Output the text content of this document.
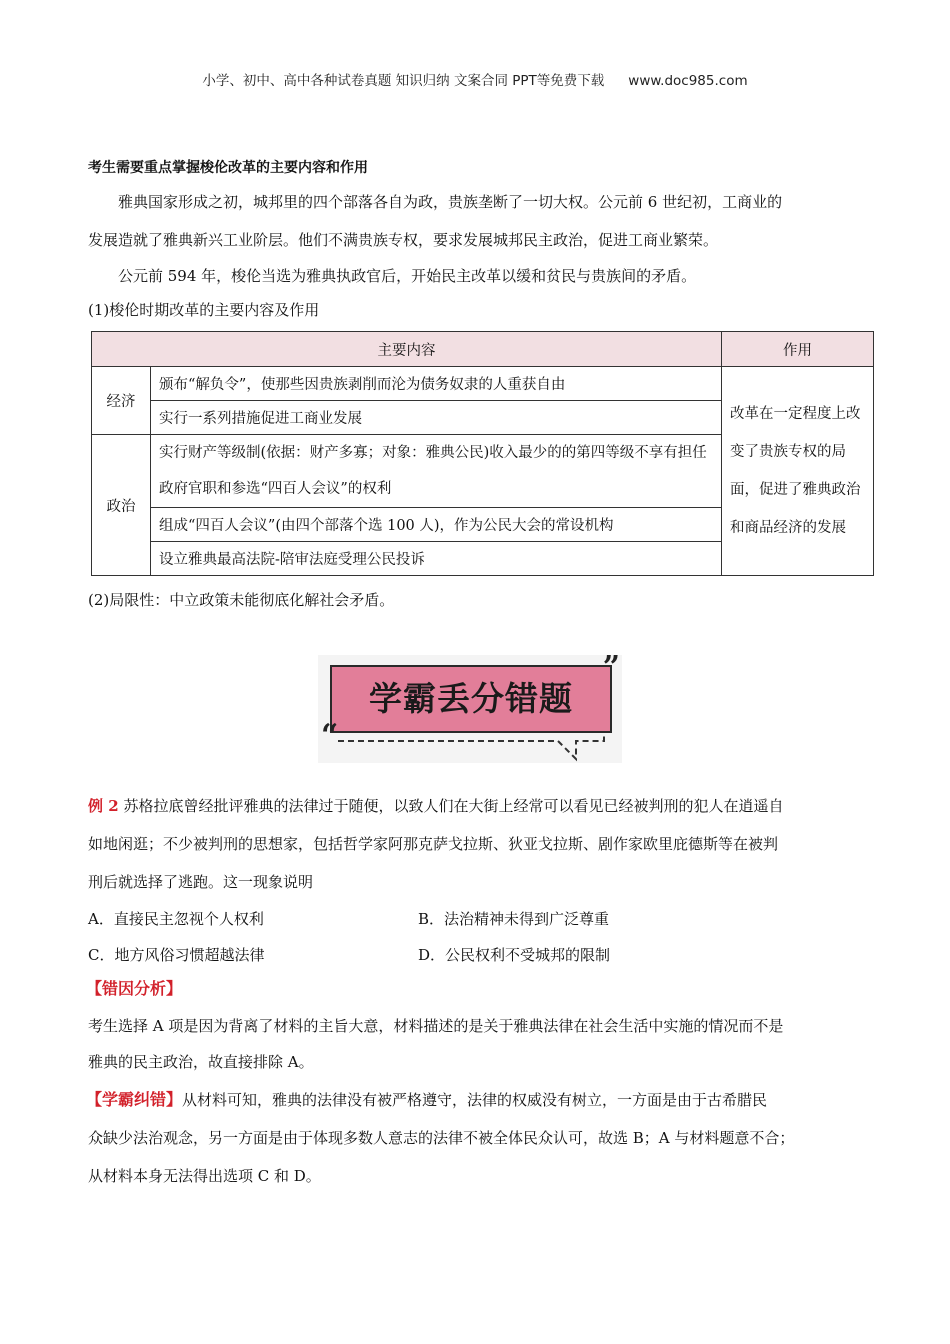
小学、初中、高中各种试卷真题 知识归纳 文案合同 PPT等免费下载 www.doc985.com
考生需要重点掌握梭伦改革的主要内容和作用
雅典国家形成之初，城邦里的四个部落各自为政，贵族垄断了一切大权。公元前 6 世纪初，工商业的
发展造就了雅典新兴工业阶层。他们不满贵族专权，要求发展城邦民主政治，促进工商业繁荣。
公元前 594 年，梭伦当选为雅典执政官后，开始民主改革以缓和贫民与贵族间的矛盾。
(1)梭伦时期改革的主要内容及作用
主要内容		作用
经济	颁布“解负令”，使那些因贵族剥削而沦为债务奴隶的人重获自由	改革在一定程度上改变了贵族专权的局面，促进了雅典政治和商品经济的发展
	实行一系列措施促进工商业发展	
政治	实行财产等级制(依据：财产多寡；对象：雅典公民)收入最少的的第四等级不享有担任政府官职和参选“四百人会议”的权利	
	组成“四百人会议”(由四个部落个选 100 人)，作为公民大会的常设机构	
	设立雅典最高法院-陪审法庭受理公民投诉	
(2)局限性：中立政策未能彻底化解社会矛盾。
学霸丢分错题
“
”
例 2 苏格拉底曾经批评雅典的法律过于随便，以致人们在大街上经常可以看见已经被判刑的犯人在逍遥自
如地闲逛；不少被判刑的思想家，包括哲学家阿那克萨戈拉斯、狄亚戈拉斯、剧作家欧里庇德斯等在被判
刑后就选择了逃跑。这一现象说明
A．直接民主忽视个人权利	B．法治精神未得到广泛尊重
C．地方风俗习惯超越法律	D．公民权利不受城邦的限制
【错因分析】
考生选择 A 项是因为背离了材料的主旨大意，材料描述的是关于雅典法律在社会生活中实施的情况而不是
雅典的民主政治，故直接排除 A。
【学霸纠错】从材料可知，雅典的法律没有被严格遵守，法律的权威没有树立，一方面是由于古希腊民
众缺少法治观念，另一方面是由于体现多数人意志的法律不被全体民众认可，故选 B；A 与材料题意不合；
从材料本身无法得出选项 C 和 D。
